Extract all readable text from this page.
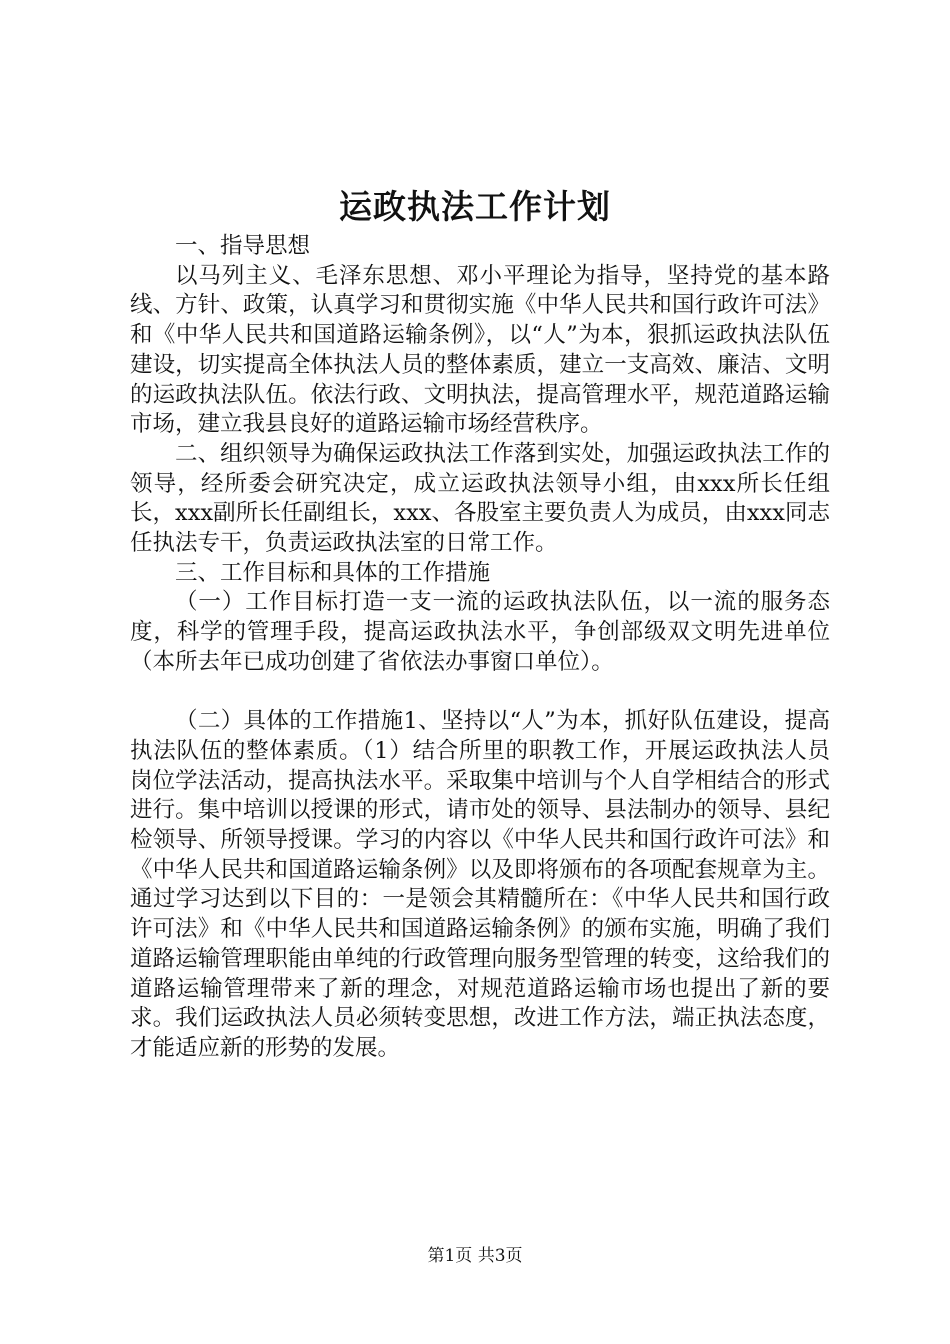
运政执法工作计划

一、指导思想

以马列主义、毛泽东思想、邓小平理论为指导，坚持党的基本路线、方针、政策，认真学习和贯彻实施《中华人民共和国行政许可法》和《中华人民共和国道路运输条例》，以“人”为本，狠抓运政执法队伍建设，切实提高全体执法人员的整体素质，建立一支高效、廉洁、文明的运政执法队伍。依法行政、文明执法，提高管理水平，规范道路运输市场，建立我县良好的道路运输市场经营秩序。

二、组织领导为确保运政执法工作落到实处，加强运政执法工作的领导，经所委会研究决定，成立运政执法领导小组，由xxx所长任组长，xxx副所长任副组长，xxx、各股室主要负责人为成员，由xxx同志任执法专干，负责运政执法室的日常工作。

三、工作目标和具体的工作措施

（一）工作目标打造一支一流的运政执法队伍，以一流的服务态度，科学的管理手段，提高运政执法水平，争创部级双文明先进单位（本所去年已成功创建了省依法办事窗口单位）。

（二）具体的工作措施1、坚持以“人”为本，抓好队伍建设，提高执法队伍的整体素质。（1）结合所里的职教工作，开展运政执法人员岗位学法活动，提高执法水平。采取集中培训与个人自学相结合的形式进行。集中培训以授课的形式，请市处的领导、县法制办的领导、县纪检领导、所领导授课。学习的内容以《中华人民共和国行政许可法》和《中华人民共和国道路运输条例》以及即将颁布的各项配套规章为主。通过学习达到以下目的：一是领会其精髓所在：《中华人民共和国行政许可法》和《中华人民共和国道路运输条例》的颁布实施，明确了我们道路运输管理职能由单纯的行政管理向服务型管理的转变，这给我们的道路运输管理带来了新的理念，对规范道路运输市场也提出了新的要求。我们运政执法人员必须转变思想，改进工作方法，端正执法态度，才能适应新的形势的发展。

第1页 共3页
